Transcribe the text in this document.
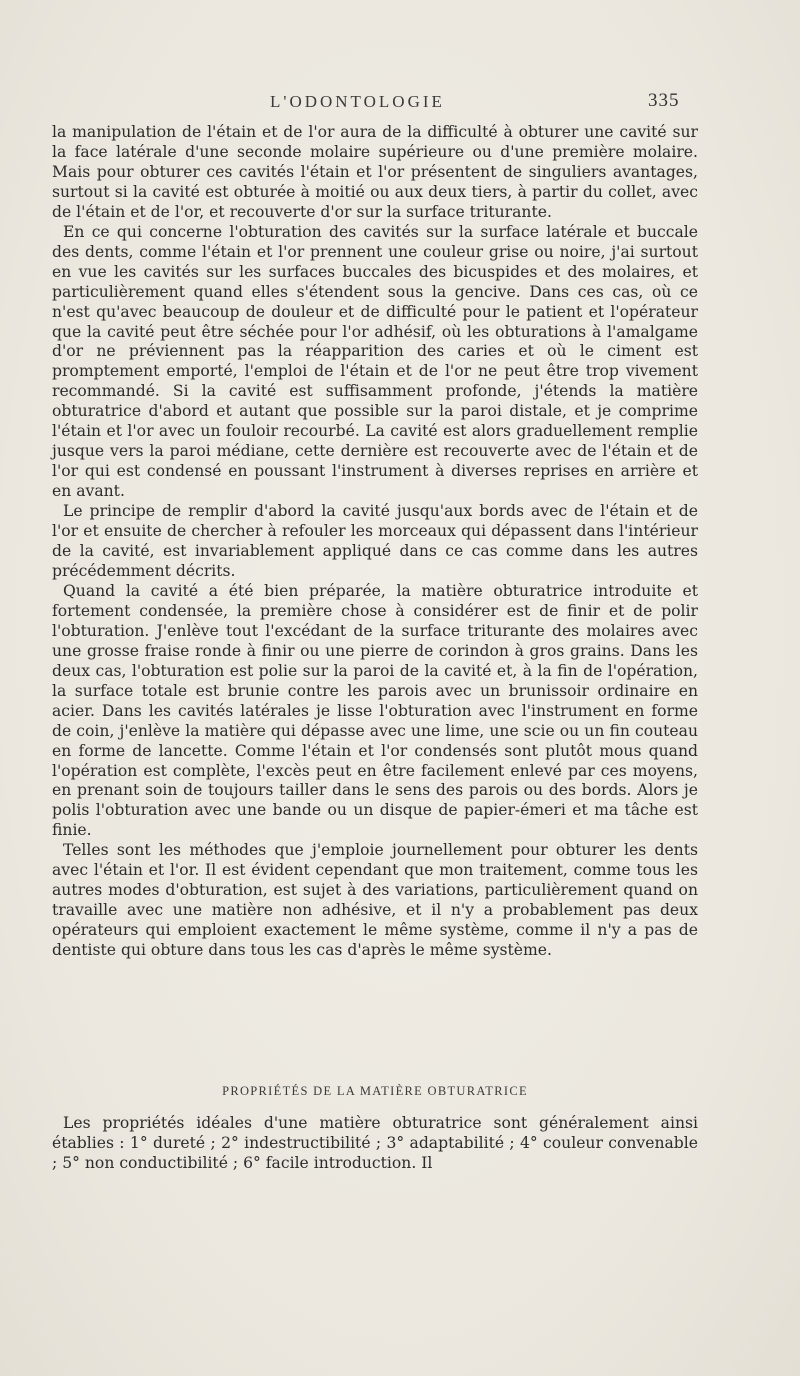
L'ODONTOLOGIE	335

la manipulation de l'étain et de l'or aura de la difficulté à obturer une cavité sur la face latérale d'une seconde molaire supérieure ou d'une première molaire. Mais pour obturer ces cavités l'étain et l'or présentent de singuliers avantages, surtout si la cavité est obturée à moitié ou aux deux tiers, à partir du collet, avec de l'étain et de l'or, et recouverte d'or sur la surface triturante.

En ce qui concerne l'obturation des cavités sur la surface latérale et buccale des dents, comme l'étain et l'or prennent une couleur grise ou noire, j'ai surtout en vue les cavités sur les surfaces buccales des bicuspides et des molaires, et particulièrement quand elles s'étendent sous la gencive. Dans ces cas, où ce n'est qu'avec beaucoup de douleur et de difficulté pour le patient et l'opérateur que la cavité peut être séchée pour l'or adhésif, où les obturations à l'amalgame d'or ne préviennent pas la réapparition des caries et où le ciment est promptement emporté, l'emploi de l'étain et de l'or ne peut être trop vivement recommandé. Si la cavité est suffisamment profonde, j'étends la matière obturatrice d'abord et autant que possible sur la paroi distale, et je comprime l'étain et l'or avec un fouloir recourbé. La cavité est alors graduellement remplie jusque vers la paroi médiane, cette dernière est recouverte avec de l'étain et de l'or qui est condensé en poussant l'instrument à diverses reprises en arrière et en avant.

Le principe de remplir d'abord la cavité jusqu'aux bords avec de l'étain et de l'or et ensuite de chercher à refouler les morceaux qui dépassent dans l'intérieur de la cavité, est invariablement appliqué dans ce cas comme dans les autres précédemment décrits.

Quand la cavité a été bien préparée, la matière obturatrice introduite et fortement condensée, la première chose à considérer est de finir et de polir l'obturation. J'enlève tout l'excédant de la surface triturante des molaires avec une grosse fraise ronde à finir ou une pierre de corindon à gros grains. Dans les deux cas, l'obturation est polie sur la paroi de la cavité et, à la fin de l'opération, la surface totale est brunie contre les parois avec un brunissoir ordinaire en acier. Dans les cavités latérales je lisse l'obturation avec l'instrument en forme de coin, j'enlève la matière qui dépasse avec une lime, une scie ou un fin couteau en forme de lancette. Comme l'étain et l'or condensés sont plutôt mous quand l'opération est complète, l'excès peut en être facilement enlevé par ces moyens, en prenant soin de toujours tailler dans le sens des parois ou des bords. Alors je polis l'obturation avec une bande ou un disque de papier-émeri et ma tâche est finie.

Telles sont les méthodes que j'emploie journellement pour obturer les dents avec l'étain et l'or. Il est évident cependant que mon traitement, comme tous les autres modes d'obturation, est sujet à des variations, particulièrement quand on travaille avec une matière non adhésive, et il n'y a probablement pas deux opérateurs qui emploient exactement le même système, comme il n'y a pas de dentiste qui obture dans tous les cas d'après le même système.

PROPRIÉTÉS DE LA MATIÈRE OBTURATRICE

Les propriétés idéales d'une matière obturatrice sont généralement ainsi établies : 1° dureté ; 2° indestructibilité ; 3° adaptabilité ; 4° couleur convenable ; 5° non conductibilité ; 6° facile introduction. Il
